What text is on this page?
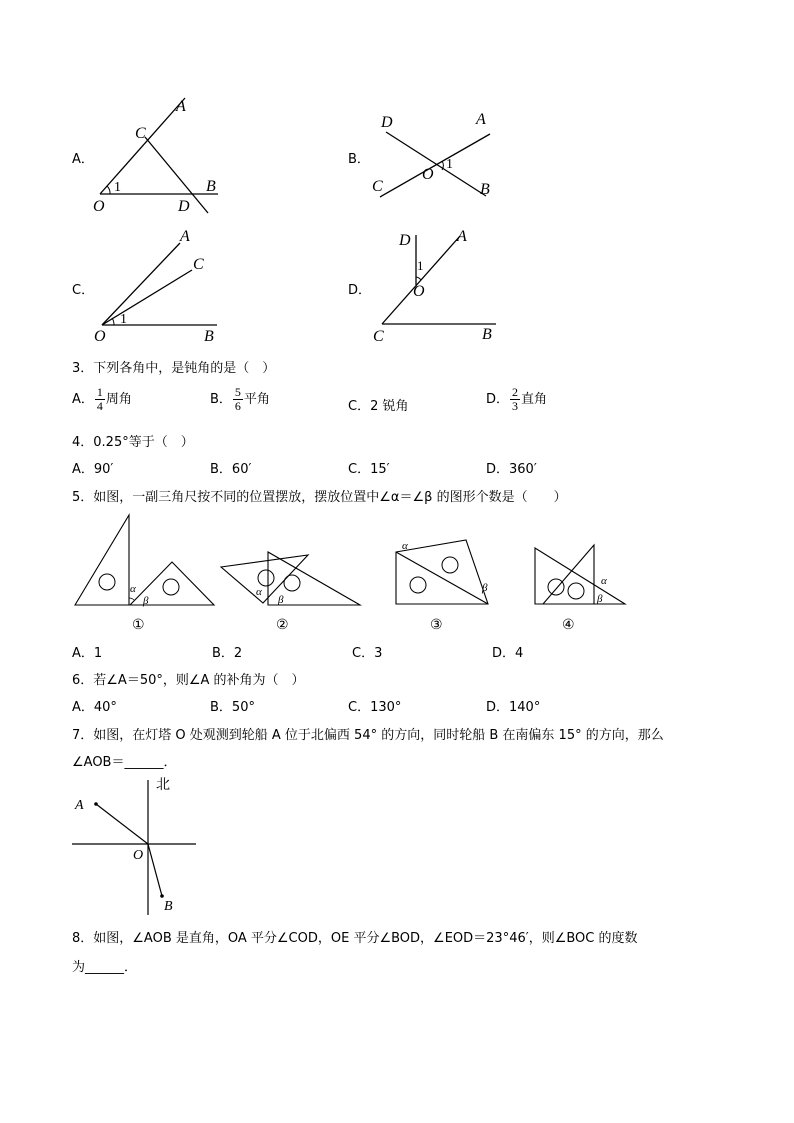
A．
A
C
1
O
B
D
B．
D	A
C
O
1
B
C．
A
C
1
O	B
D．
D	A
1
O
C	B
3．下列各角中，是钝角的是（　）
A． $\frac{1}{4}$ 周角	B． $\frac{5}{6}$ 平角	C．2 锐角	D． $\frac{2}{3}$ 直角
4．0.25°等于（　）
A．90′	B．60′	C．15′	D．360′
5．如图，一副三角尺按不同的位置摆放，摆放位置中∠α＝∠β 的图形个数是（　　）
α
β
①
α
β
②
α
β
③
α
β
④
A．1	B．2	C．3	D．4
6．若∠A＝50°，则∠A 的补角为（　）
A．40°	B．50°	C．130°	D．140°
7．如图，在灯塔 O 处观测到轮船 A 位于北偏西 54° 的方向，同时轮船 B 在南偏东 15° 的方向，那么
∠AOB＝______．
北
A
O
B
8．如图，∠AOB 是直角，OA 平分∠COD，OE 平分∠BOD，∠EOD＝23°46′，则∠BOC 的度数
为______．
